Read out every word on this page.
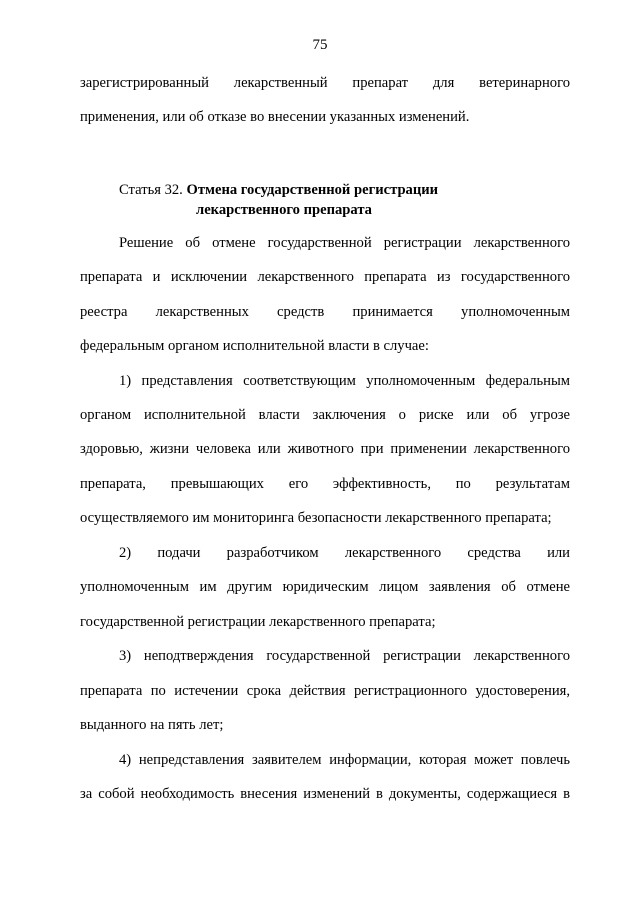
75
зарегистрированный лекарственный препарат для ветеринарного
применения, или об отказе во внесении указанных изменений.
Статья 32. Отмена государственной регистрации
лекарственного препарата
Решение об отмене государственной регистрации лекарственного
препарата и исключении лекарственного препарата из государственного
реестра лекарственных средств принимается уполномоченным
федеральным органом исполнительной власти в случае:
1) представления соответствующим уполномоченным федеральным
органом исполнительной власти заключения о риске или об угрозе
здоровью, жизни человека или животного при применении лекарственного
препарата, превышающих его эффективность, по результатам
осуществляемого им мониторинга безопасности лекарственного препарата;
2) подачи разработчиком лекарственного средства или
уполномоченным им другим юридическим лицом заявления об отмене
государственной регистрации лекарственного препарата;
3) неподтверждения государственной регистрации лекарственного
препарата по истечении срока действия регистрационного удостоверения,
выданного на пять лет;
4) непредставления заявителем информации, которая может повлечь
за собой необходимость внесения изменений в документы, содержащиеся в
